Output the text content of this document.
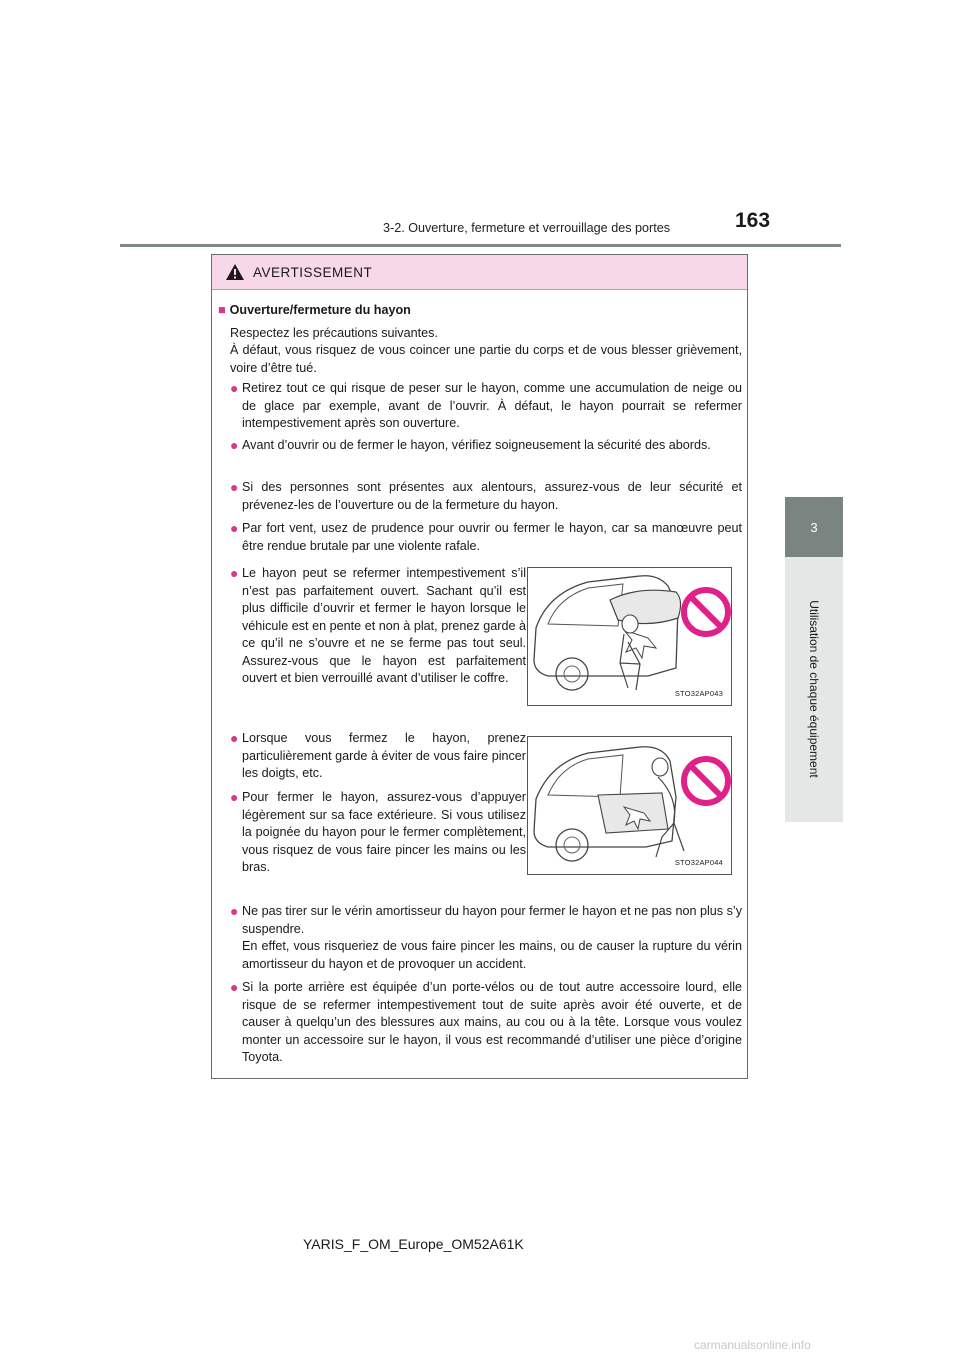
3-2. Ouverture, fermeture et verrouillage des portes	163
3
Utilisation de chaque équipement
AVERTISSEMENT
■ Ouverture/fermeture du hayon
Respectez les précautions suivantes.
À défaut, vous risquez de vous coincer une partie du corps et de vous blesser grièvement, voire d’être tué.
● Retirez tout ce qui risque de peser sur le hayon, comme une accumulation de neige ou de glace par exemple, avant de l’ouvrir. À défaut, le hayon pourrait se refermer intempestivement après son ouverture.
● Avant d’ouvrir ou de fermer le hayon, vérifiez soigneusement la sécurité des abords.
● Si des personnes sont présentes aux alentours, assurez-vous de leur sécurité et prévenez-les de l’ouverture ou de la fermeture du hayon.
● Par fort vent, usez de prudence pour ouvrir ou fermer le hayon, car sa manœuvre peut être rendue brutale par une violente rafale.
● Le hayon peut se refermer intempestivement s’il n’est pas parfaitement ouvert. Sachant qu’il est plus difficile d’ouvrir et fermer le hayon lorsque le véhicule est en pente et non à plat, prenez garde à ce qu’il ne s’ouvre et ne se ferme pas tout seul. Assurez-vous que le hayon est parfaitement ouvert et bien verrouillé avant d’utiliser le coffre.
STO32AP043
● Lorsque vous fermez le hayon, prenez particulièrement garde à éviter de vous faire pincer les doigts, etc.
● Pour fermer le hayon, assurez-vous d’appuyer légèrement sur sa face extérieure. Si vous utilisez la poignée du hayon pour le fermer complètement, vous risquez de vous faire pincer les mains ou les bras.	STO32AP044
● Ne pas tirer sur le vérin amortisseur du hayon pour fermer le hayon et ne pas non plus s’y suspendre.
En effet, vous risqueriez de vous faire pincer les mains, ou de causer la rupture du vérin amortisseur du hayon et de provoquer un accident.
● Si la porte arrière est équipée d’un porte-vélos ou de tout autre accessoire lourd, elle risque de se refermer intempestivement tout de suite après avoir été ouverte, et de causer à quelqu’un des blessures aux mains, au cou ou à la tête. Lorsque vous voulez monter un accessoire sur le hayon, il vous est recommandé d’utiliser une pièce d’origine Toyota.
YARIS_F_OM_Europe_OM52A61K
carmanualsonline.info
